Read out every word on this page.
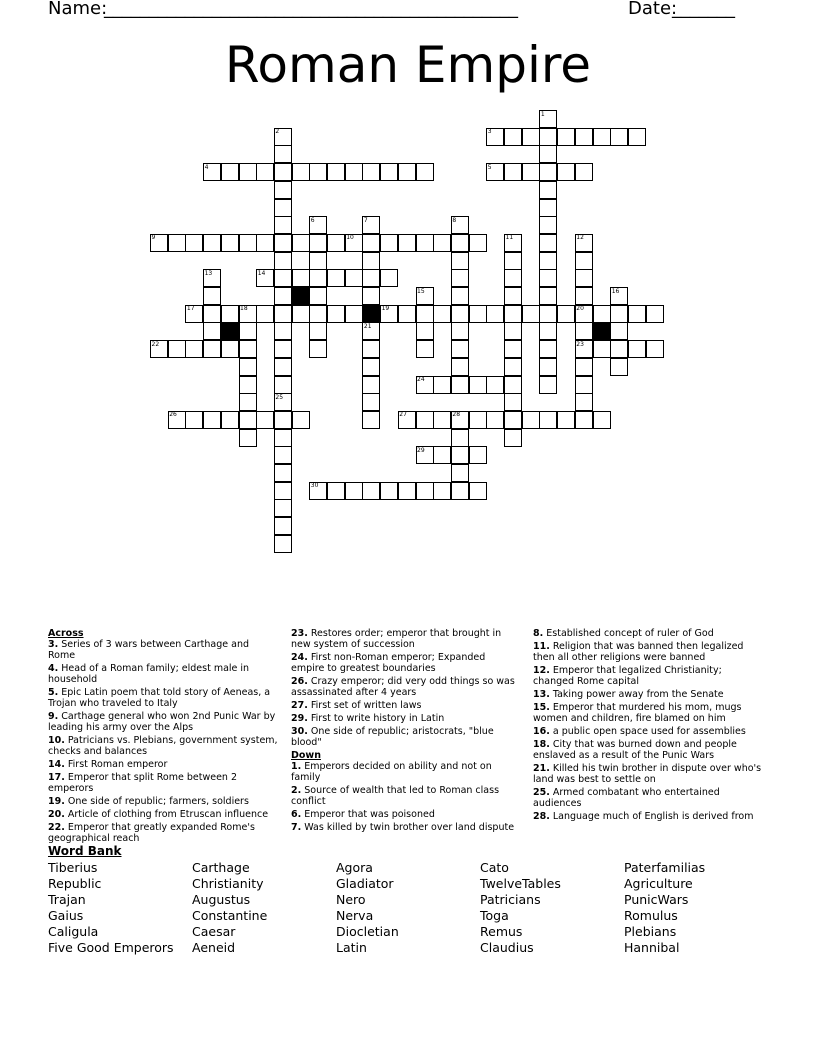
Name:
______________________________________________	Date:
_______
Roman Empire
1
2	3
4	5
6	7	8
9	10	11	12
13	14
15	16
17	18	19	20
21
22	23
24
25
26	27	28
29
30
Across
3. Series of 3 wars between Carthage and Rome
4. Head of a Roman family; eldest male in household
5. Epic Latin poem that told story of Aeneas, a Trojan who traveled to Italy
9. Carthage general who won 2nd Punic War by leading his army over the Alps
10. Patricians vs. Plebians, government system, checks and balances
14. First Roman emperor
17. Emperor that split Rome between 2 emperors
19. One side of republic; farmers, soldiers
20. Article of clothing from Etruscan influence
22. Emperor that greatly expanded Rome's geographical reach
23. Restores order; emperor that brought in new system of succession
24. First non-Roman emperor; Expanded empire to greatest boundaries
26. Crazy emperor; did very odd things so was assassinated after 4 years
27. First set of written laws
29. First to write history in Latin
30. One side of republic; aristocrats, "blue blood"
Down
1. Emperors decided on ability and not on family
2. Source of wealth that led to Roman class conflict
6. Emperor that was poisoned
7. Was killed by twin brother over land dispute
8. Established concept of ruler of God
11. Religion that was banned then legalized then all other religions were banned
12. Emperor that legalized Christianity; changed Rome capital
13. Taking power away from the Senate
15. Emperor that murdered his mom, mugs women and children, fire blamed on him
16. a public open space used for assemblies
18. City that was burned down and people enslaved as a result of the Punic Wars
21. Killed his twin brother in dispute over who's land was best to settle on
25. Armed combatant who entertained audiences
28. Language much of English is derived from
Word Bank
Tiberius
Republic
Trajan
Gaius
Caligula
Five Good Emperors
Carthage
Christianity
Augustus
Constantine
Caesar
Aeneid
Agora
Gladiator
Nero
Nerva
Diocletian
Latin
Cato
TwelveTables
Patricians
Toga
Remus
Claudius
Paterfamilias
Agriculture
PunicWars
Romulus
Plebians
Hannibal
